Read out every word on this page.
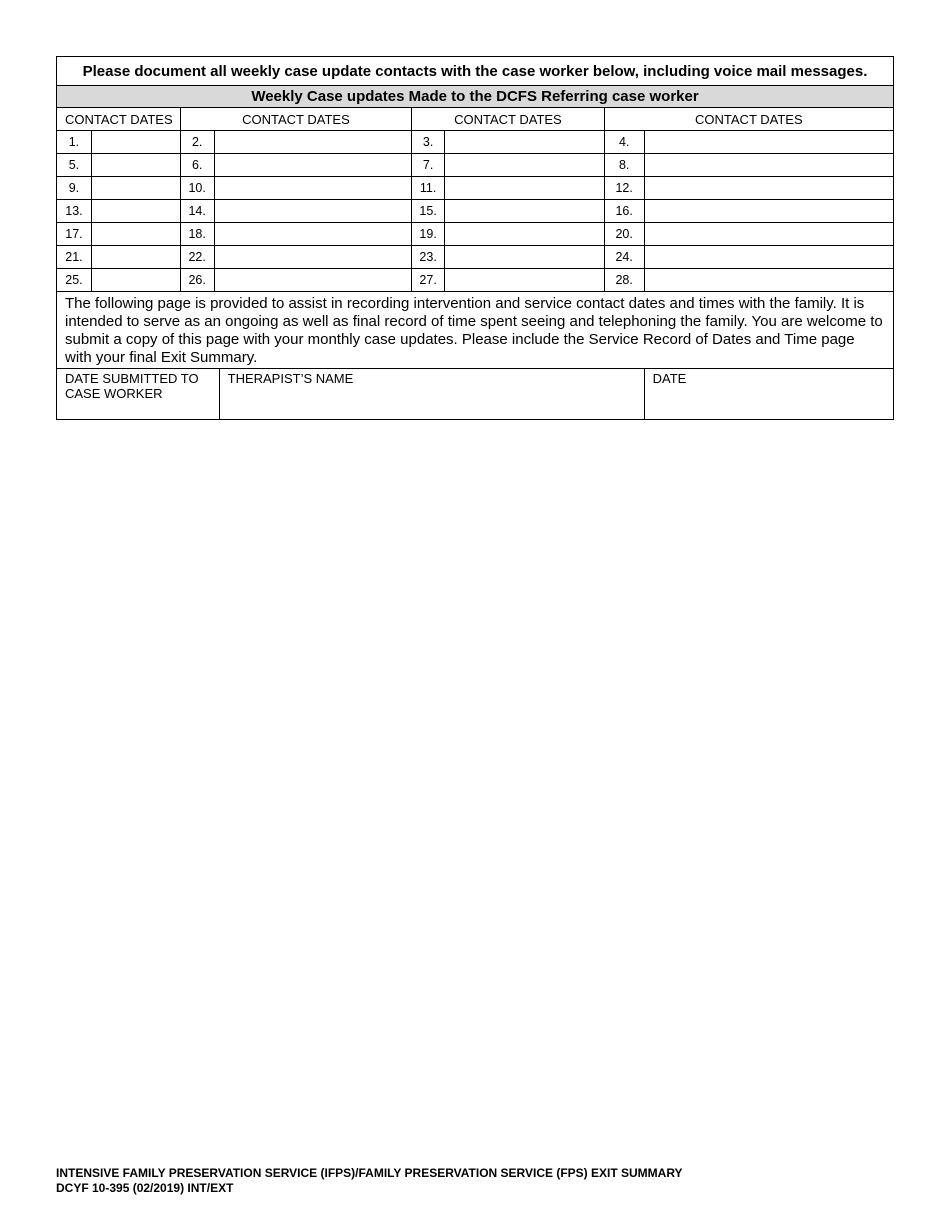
Please document all weekly case update contacts with the case worker below, including voice mail messages.
Weekly Case updates Made to the DCFS Referring case worker
CONTACT DATES	CONTACT DATES	CONTACT DATES	CONTACT DATES
1.	2.	3.	4.
5.	6.	7.	8.
9.	10.	11.	12.
13.	14.	15.	16.
17.	18.	19.	20.
21.	22.	23.	24.
25.	26.	27.	28.
The following page is provided to assist in recording intervention and service contact dates and times with the family. It is intended to serve as an ongoing as well as final record of time spent seeing and telephoning the family. You are welcome to submit a copy of this page with your monthly case updates. Please include the Service Record of Dates and Time page with your final Exit Summary.
DATE SUBMITTED TO
CASE WORKER
THERAPIST’S NAME	DATE
INTENSIVE FAMILY PRESERVATION SERVICE (IFPS)/FAMILY PRESERVATION SERVICE (FPS) EXIT SUMMARY
DCYF 10-395 (02/2019) INT/EXT
